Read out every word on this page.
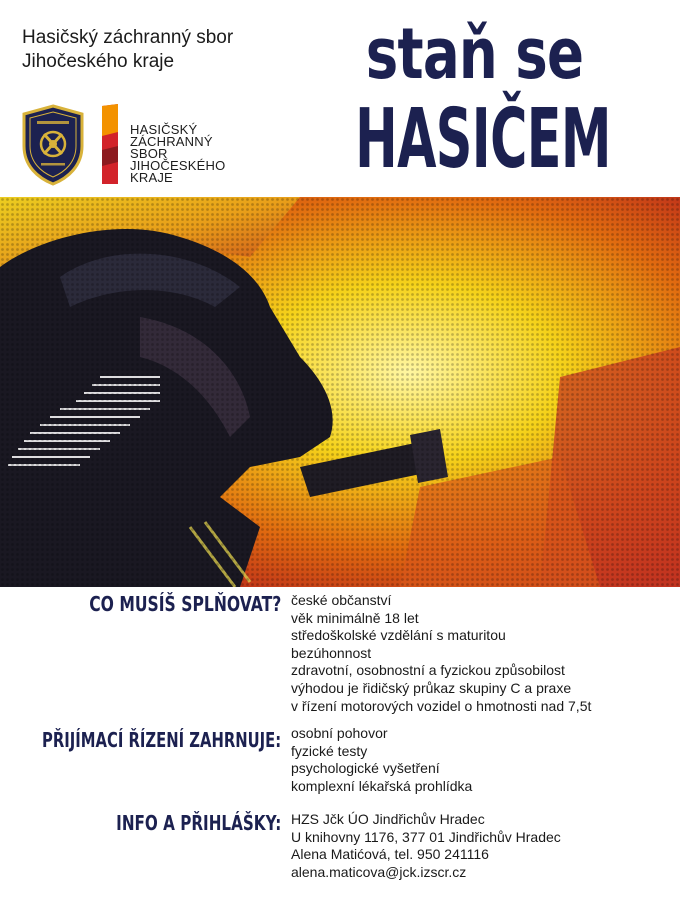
Hasičský záchranný sbor
Jihočeského kraje	staň se
HASIČEM
HASIČSKÝ
ZÁCHRANNÝ
SBOR
JIHOČESKÉHO
KRAJE
CO MUSÍŠ SPLŇOVAT? české občanství
věk minimálně 18 let
středoškolské vzdělání s maturitou
bezúhonnost
zdravotní, osobnostní a fyzickou způsobilost
výhodou je řidičský průkaz skupiny C a praxe
v řízení motorových vozidel o hmotnosti nad 7,5t
PŘIJÍMACÍ ŘÍZENÍ ZAHRNUJE: osobní pohovor
fyzické testy
psychologické vyšetření
komplexní lékařská prohlídka
INFO A PŘIHLÁŠKY: HZS Jčk ÚO Jindřichův Hradec
U knihovny 1176, 377 01 Jindřichův Hradec
Alena Matićová, tel. 950 241116
alena.maticova@jck.izscr.cz
